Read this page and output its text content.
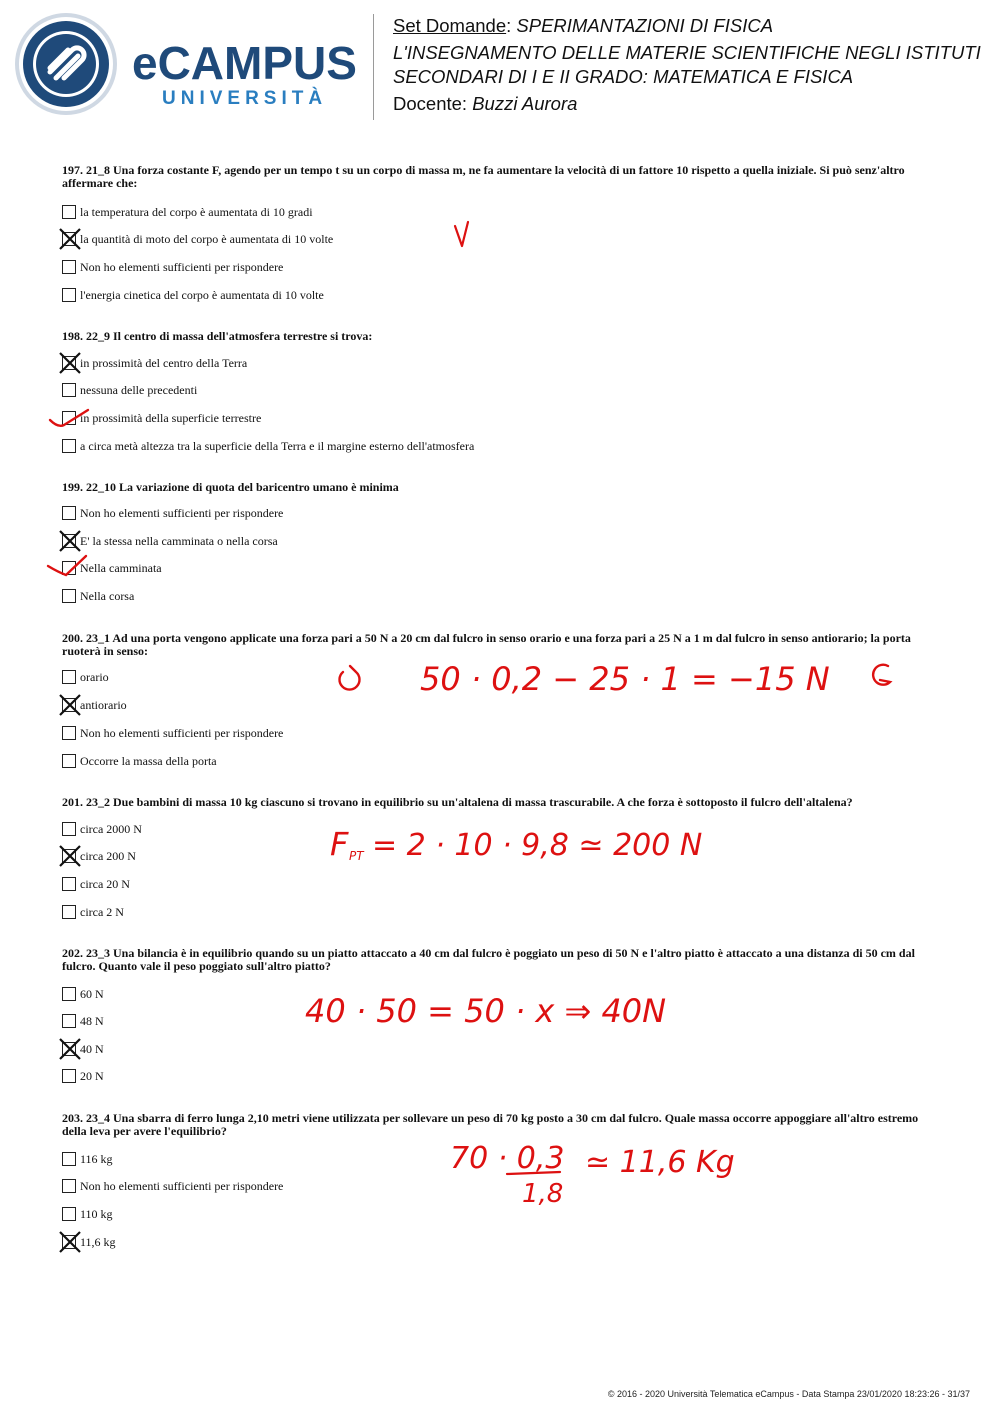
eCAMPUS
UNIVERSITÀ
Set Domande: SPERIMANTAZIONI DI FISICA
L'INSEGNAMENTO DELLE MATERIE SCIENTIFICHE NEGLI ISTITUTI
SECONDARI DI I E II GRADO: MATEMATICA E FISICA
Docente: Buzzi Aurora
197. 21_8 Una forza costante F, agendo per un tempo t su un corpo di massa m, ne fa aumentare la velocità di un fattore 10 rispetto a quella iniziale. Si può senz'altro affermare che:
la temperatura del corpo è aumentata di 10 gradi
la quantità di moto del corpo è aumentata di 10 volte
Non ho elementi sufficienti per rispondere
l'energia cinetica del corpo è aumentata di 10 volte
198. 22_9 Il centro di massa dell'atmosfera terrestre si trova:
in prossimità del centro della Terra
nessuna delle precedenti
in prossimità della superficie terrestre
a circa metà altezza tra la superficie della Terra e il margine esterno dell'atmosfera
199. 22_10 La variazione di quota del baricentro umano è minima
Non ho elementi sufficienti per rispondere
E' la stessa nella camminata o nella corsa
Nella camminata
Nella corsa
200. 23_1 Ad una porta vengono applicate una forza pari a 50 N a 20 cm dal fulcro in senso orario e una forza pari a 25 N a 1 m dal fulcro in senso antiorario; la porta ruoterà in senso:
orario
antiorario
Non ho elementi sufficienti per rispondere
Occorre la massa della porta
201. 23_2 Due bambini di massa 10 kg ciascuno si trovano in equilibrio su un'altalena di massa trascurabile. A che forza è sottoposto il fulcro dell'altalena?
circa 2000 N
circa 200 N
circa 20 N
circa 2 N
202. 23_3 Una bilancia è in equilibrio quando su un piatto attaccato a 40 cm dal fulcro è poggiato un peso di 50 N e l'altro piatto è attaccato a una distanza di 50 cm dal fulcro. Quanto vale il peso poggiato sull'altro piatto?
60 N
48 N
40 N
20 N
203. 23_4 Una sbarra di ferro lunga 2,10 metri viene utilizzata per sollevare un peso di 70 kg posto a 30 cm dal fulcro. Quale massa occorre appoggiare all'altro estremo della leva per avere l'equilibrio?
116 kg
Non ho elementi sufficienti per rispondere
110 kg
11,6 kg
50 · 0,2 − 25 · 1 = −15 N
F PT = 2 · 10 · 9,8 ≃ 200 N
40 · 50 = 50 · x ⇒ 40N
70 · 0,3
1,8
≃ 11,6 Kg
© 2016 - 2020 Università Telematica eCampus - Data Stampa 23/01/2020 18:23:26 - 31/37
